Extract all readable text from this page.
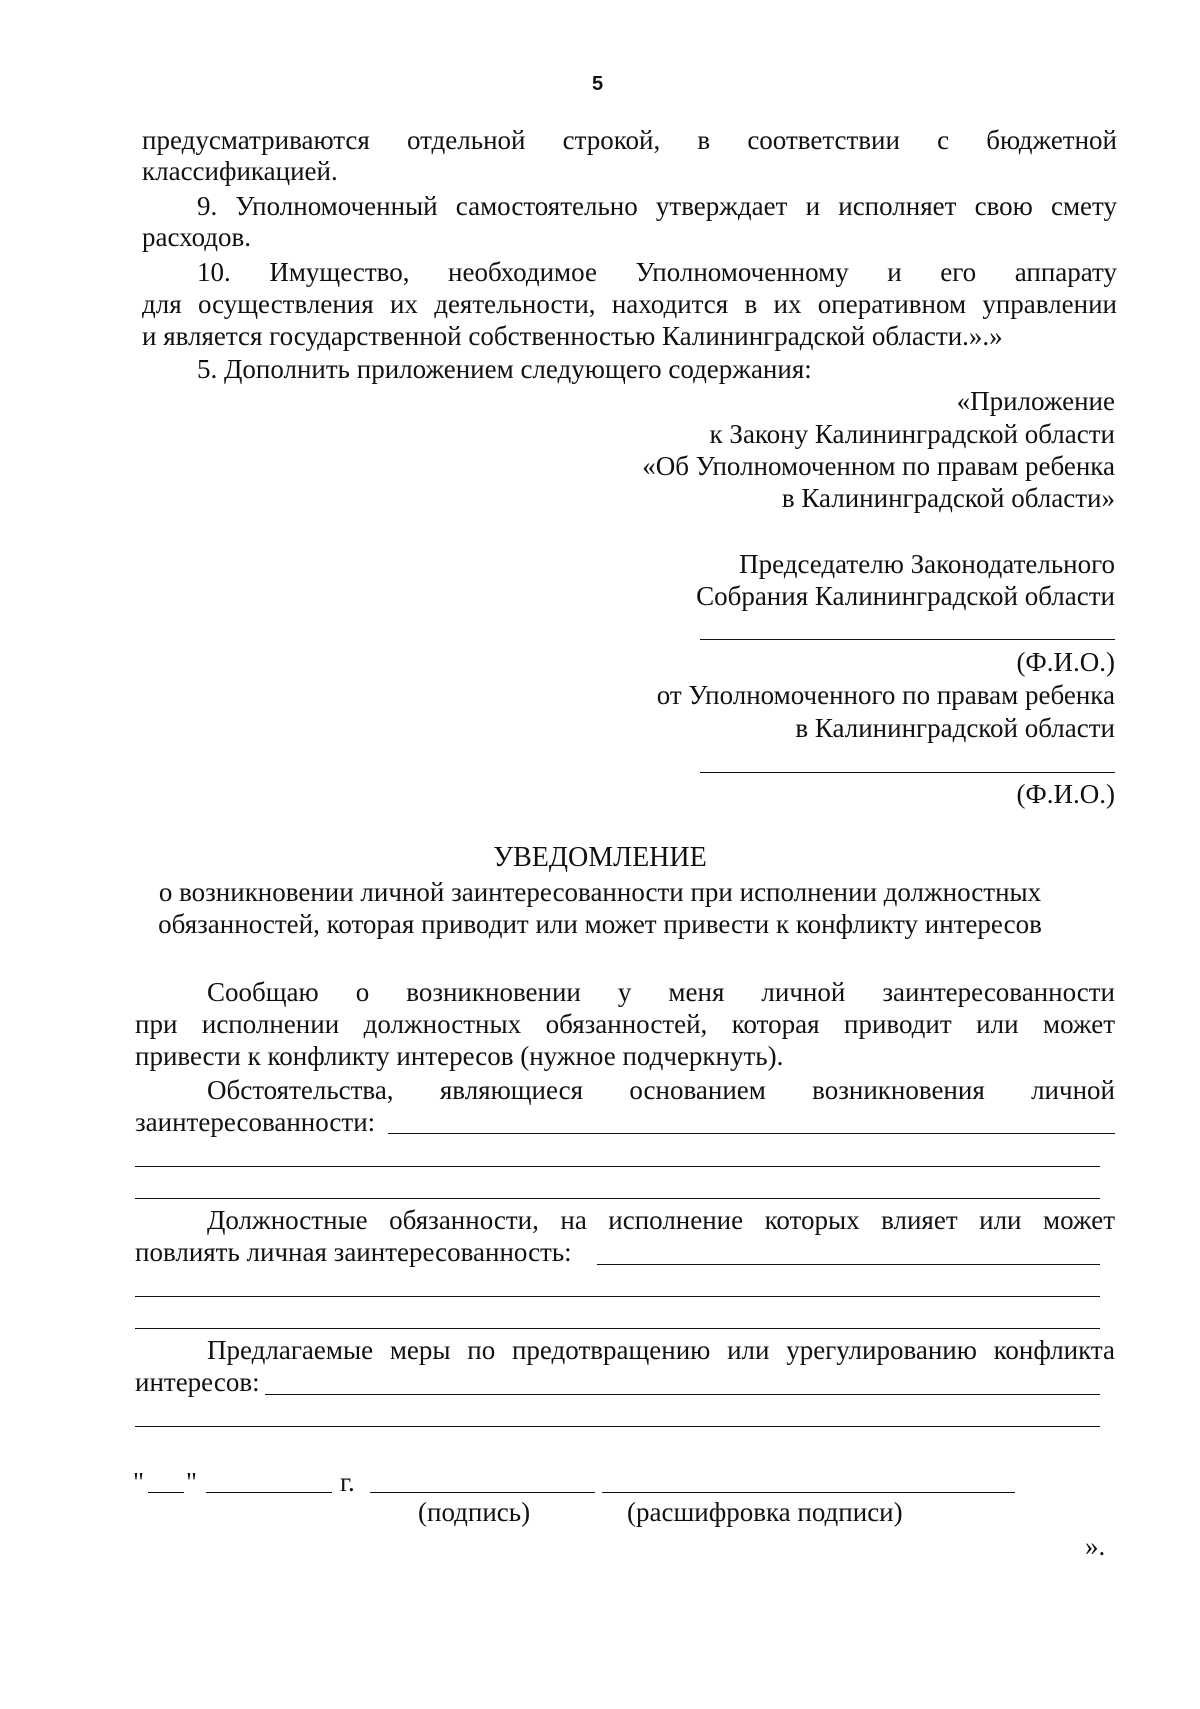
5
предусматриваются отдельной строкой, в соответствии с бюджетной
классификацией.
9. Уполномоченный самостоятельно утверждает и исполняет свою смету
расходов.
10. Имущество, необходимое Уполномоченному и его аппарату
для осуществления их деятельности, находится в их оперативном управлении
и является государственной собственностью Калининградской области.».»
5. Дополнить приложением следующего содержания:
«Приложение
к Закону Калининградской области
«Об Уполномоченном по правам ребенка
в Калининградской области»
Председателю Законодательного
Собрания Калининградской области
(Ф.И.О.)
от Уполномоченного по правам ребенка
в Калининградской области
(Ф.И.О.)
УВЕДОМЛЕНИЕ
о возникновении личной заинтересованности при исполнении должностных
обязанностей, которая приводит или может привести к конфликту интересов
Сообщаю о возникновении у меня личной заинтересованности
при исполнении должностных обязанностей, которая приводит или может
привести к конфликту интересов (нужное подчеркнуть).
Обстоятельства, являющиеся основанием возникновения личной
заинтересованности:
Должностные обязанности, на исполнение которых влияет или может
повлиять личная заинтересованность:
Предлагаемые меры по предотвращению или урегулированию конфликта
интересов:
" "	г.
(подпись)	(расшифровка подписи)
».
